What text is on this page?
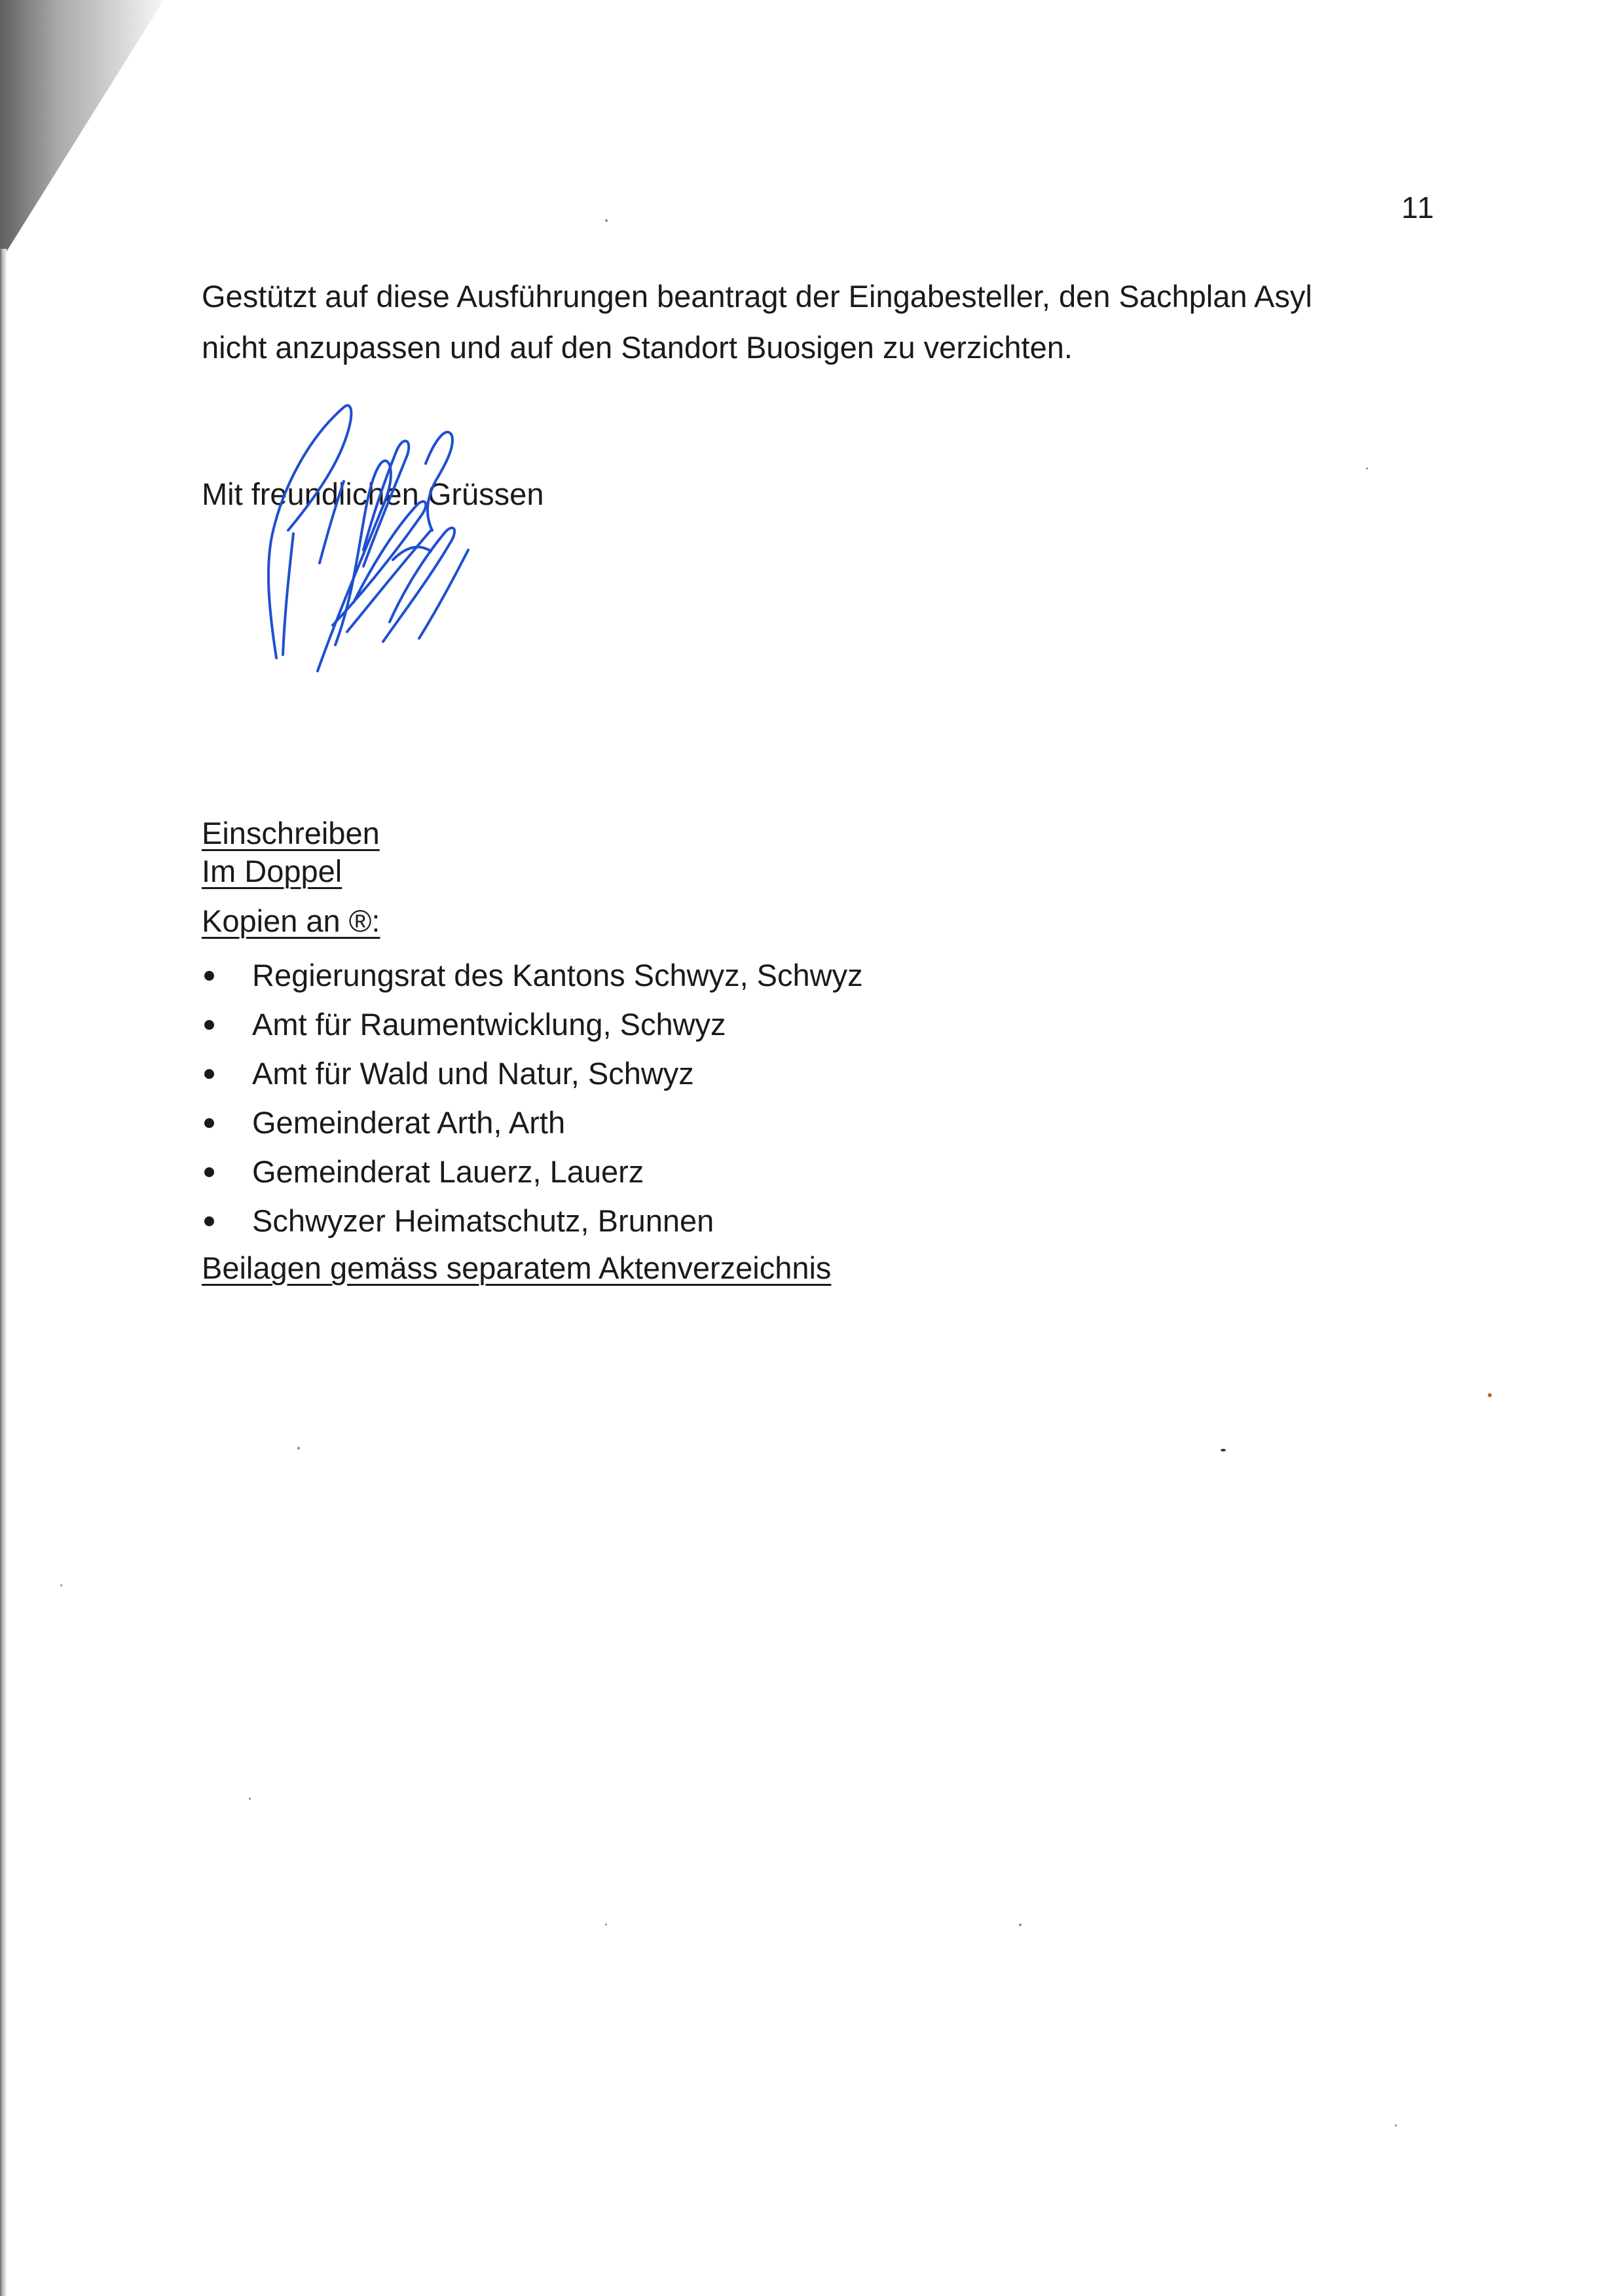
11
Gestützt auf diese Ausführungen beantragt der Eingabesteller, den Sachplan Asyl
nicht anzupassen und auf den Standort Buosigen zu verzichten.
Mit freundlichen Grüssen
Einschreiben
Im Doppel
Kopien an ®:
Regierungsrat des Kantons Schwyz, Schwyz
Amt für Raumentwicklung, Schwyz
Amt für Wald und Natur, Schwyz
Gemeinderat Arth, Arth
Gemeinderat Lauerz, Lauerz
Schwyzer Heimatschutz, Brunnen
Beilagen gemäss separatem Aktenverzeichnis
